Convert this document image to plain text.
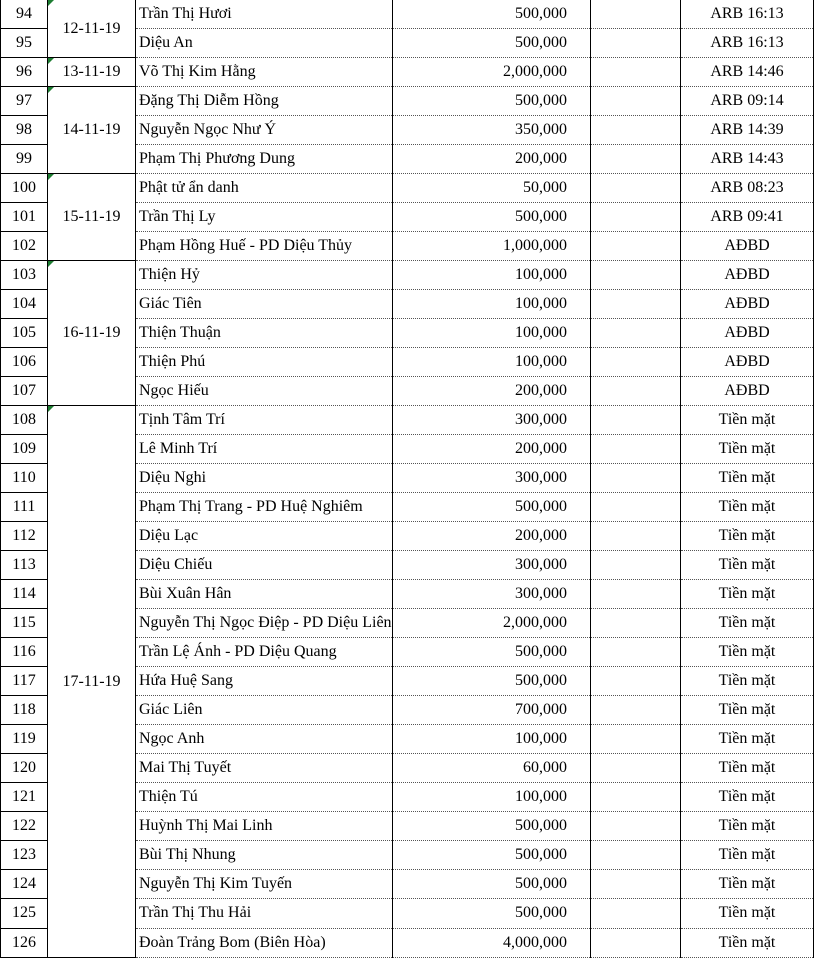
94	12-11-19	Trần Thị Hươi	500,000		ARB 16:13
95		Diệu An	500,000		ARB 16:13
96	13-11-19	Võ Thị Kim Hằng	2,000,000		ARB 14:46
97	14-11-19	Đặng Thị Diễm Hồng	500,000		ARB 09:14
98		Nguyễn Ngọc Như Ý	350,000		ARB 14:39
99		Phạm Thị Phương Dung	200,000		ARB 14:43
100	15-11-19	Phật tử ẩn danh	50,000		ARB 08:23
101		Trần Thị Ly	500,000		ARB 09:41
102		Phạm Hồng Huế - PD Diệu Thủy	1,000,000		AĐBD
103	16-11-19	Thiện Hỷ	100,000		AĐBD
104		Giác Tiên	100,000		AĐBD
105		Thiện Thuận	100,000		AĐBD
106		Thiện Phú	100,000		AĐBD
107		Ngọc Hiếu	200,000		AĐBD
108	17-11-19	Tịnh Tâm Trí	300,000		Tiền mặt
109		Lê Minh Trí	200,000		Tiền mặt
110		Diệu Nghi	300,000		Tiền mặt
111		Phạm Thị Trang - PD Huệ Nghiêm	500,000		Tiền mặt
112		Diệu Lạc	200,000		Tiền mặt
113		Diệu Chiếu	300,000		Tiền mặt
114		Bùi Xuân Hân	300,000		Tiền mặt
115		Nguyễn Thị Ngọc Điệp - PD Diệu Liên	2,000,000		Tiền mặt
116		Trần Lệ Ánh - PD Diệu Quang	500,000		Tiền mặt
117		Hứa Huệ Sang	500,000		Tiền mặt
118		Giác Liên	700,000		Tiền mặt
119		Ngọc Anh	100,000		Tiền mặt
120		Mai Thị Tuyết	60,000		Tiền mặt
121		Thiện Tú	100,000		Tiền mặt
122		Huỳnh Thị Mai Linh	500,000		Tiền mặt
123		Bùi Thị Nhung	500,000		Tiền mặt
124		Nguyễn Thị Kim Tuyến	500,000		Tiền mặt
125		Trần Thị Thu Hải	500,000		Tiền mặt
126		Đoàn Trảng Bom (Biên Hòa)	4,000,000		Tiền mặt
